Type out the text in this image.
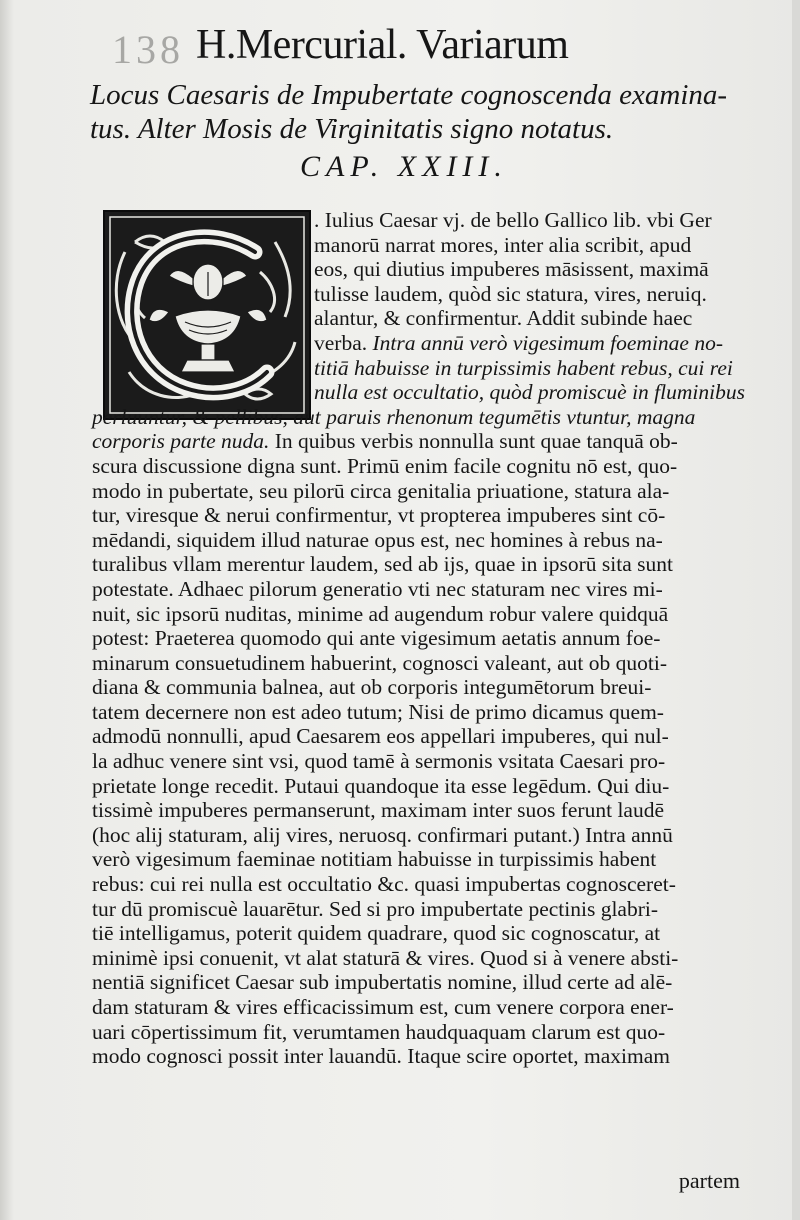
138 H.Mercurial. Variarum
Locus Caesaris de Impubertate cognoscenda examina-
tus. Alter Mosis de Virginitatis signo notatus.
CAP. XXIII.
. Iulius Caesar vj. de bello Gallico lib. vbi Ger
manorū narrat mores, inter alia scribit, apud
eos, qui diutius impuberes māsissent, maximā
tulisse laudem, quòd sic statura, vires, neruiq.
alantur, & confirmentur. Addit subinde haec
verba. Intra annū verò vigesimum foeminae no-
titiā habuisse in turpissimis habent rebus, cui rei
nulla est occultatio, quòd promiscuè in fluminibus
perluuntur, & pellibus, aut paruis rhenonum tegumētis vtuntur, magna
corporis parte nuda. In quibus verbis nonnulla sunt quae tanquā ob-
scura discussione digna sunt. Primū enim facile cognitu nō est, quo-
modo in pubertate, seu pilorū circa genitalia priuatione, statura ala-
tur, viresque & nerui confirmentur, vt propterea impuberes sint cō-
mēdandi, siquidem illud naturae opus est, nec homines à rebus na-
turalibus vllam merentur laudem, sed ab ijs, quae in ipsorū sita sunt
potestate. Adhaec pilorum generatio vti nec staturam nec vires mi-
nuit, sic ipsorū nuditas, minime ad augendum robur valere quidquā
potest: Praeterea quomodo qui ante vigesimum aetatis annum foe-
minarum consuetudinem habuerint, cognosci valeant, aut ob quoti-
diana & communia balnea, aut ob corporis integumētorum breui-
tatem decernere non est adeo tutum; Nisi de primo dicamus quem-
admodū nonnulli, apud Caesarem eos appellari impuberes, qui nul-
la adhuc venere sint vsi, quod tamē à sermonis vsitata Caesari pro-
prietate longe recedit. Putaui quandoque ita esse legēdum. Qui diu-
tissimè impuberes permanserunt, maximam inter suos ferunt laudē
(hoc alij staturam, alij vires, neruosq. confirmari putant.) Intra annū
verò vigesimum faeminae notitiam habuisse in turpissimis habent
rebus: cui rei nulla est occultatio &c. quasi impubertas cognosceret-
tur dū promiscuè lauarētur. Sed si pro impubertate pectinis glabri-
tiē intelligamus, poterit quidem quadrare, quod sic cognoscatur, at
minimè ipsi conuenit, vt alat staturā & vires. Quod si à venere absti-
nentiā significet Caesar sub impubertatis nomine, illud certe ad alē-
dam staturam & vires efficacissimum est, cum venere corpora ener-
uari cōpertissimum fit, verumtamen haudquaquam clarum est quo-
modo cognosci possit inter lauandū. Itaque scire oportet, maximam
partem
